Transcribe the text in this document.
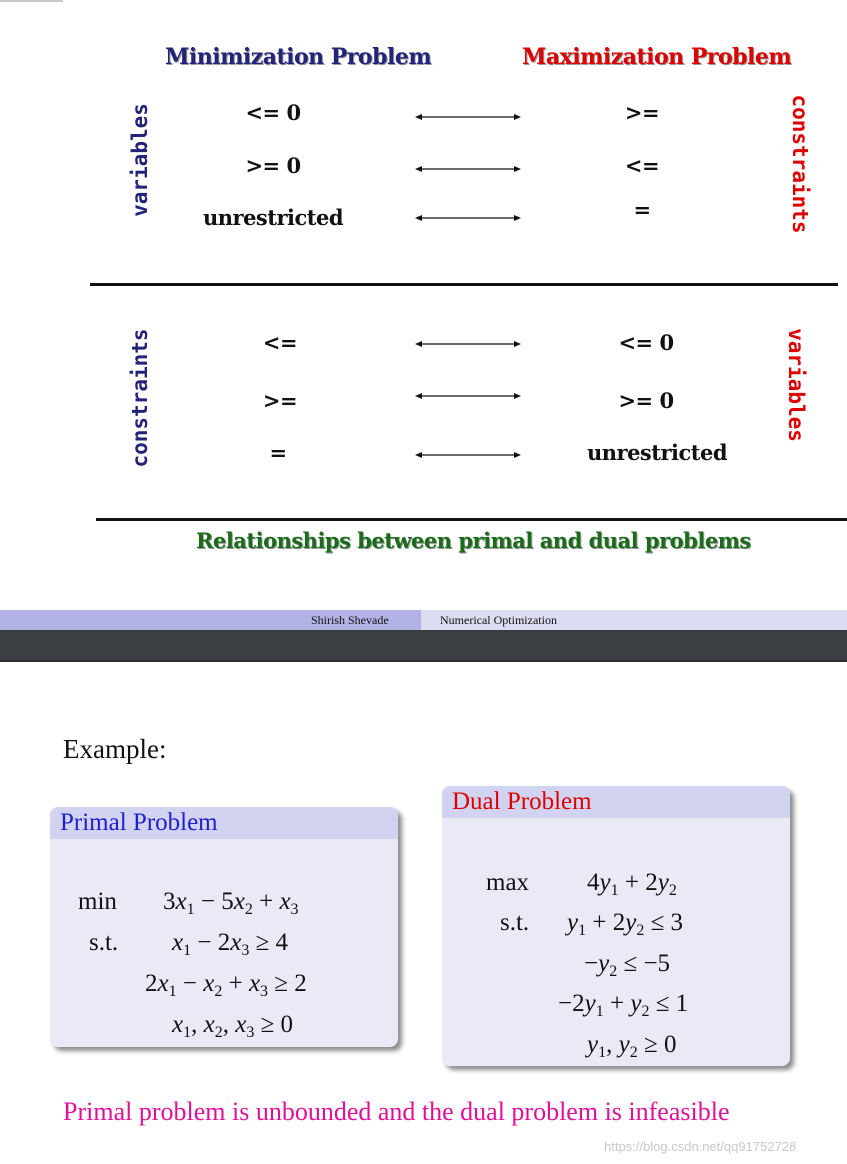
Minimization Problem	Maximization Problem
variables	constraints
<= 0	>=
>= 0	<=
unrestricted	=
constraints	variables
<=	<= 0
>=	>= 0
=	unrestricted
Relationships between primal and dual problems
Shirish Shevade	Numerical Optimization
Example:
Primal Problem
$\min 3x_1 - 5x_2 + x_3$
s.t. $x_1 - 2x_3 \ge 4$
$2x_1 - x_2 + x_3 \ge 2$
$x_1$, $x_2$, $x_3 \ge 0$
Dual Problem
$\max 4y_1 + 2y_2$
s.t. $y_1 + 2y_2 \le 3$
$-y_2 \le -5$
$-2y_1 + y_2 \le 1$
$y_1$, $y_2 \ge 0$
Primal problem is unbounded and the dual problem is infeasible
https://blog.csdn.net/qq91752728
